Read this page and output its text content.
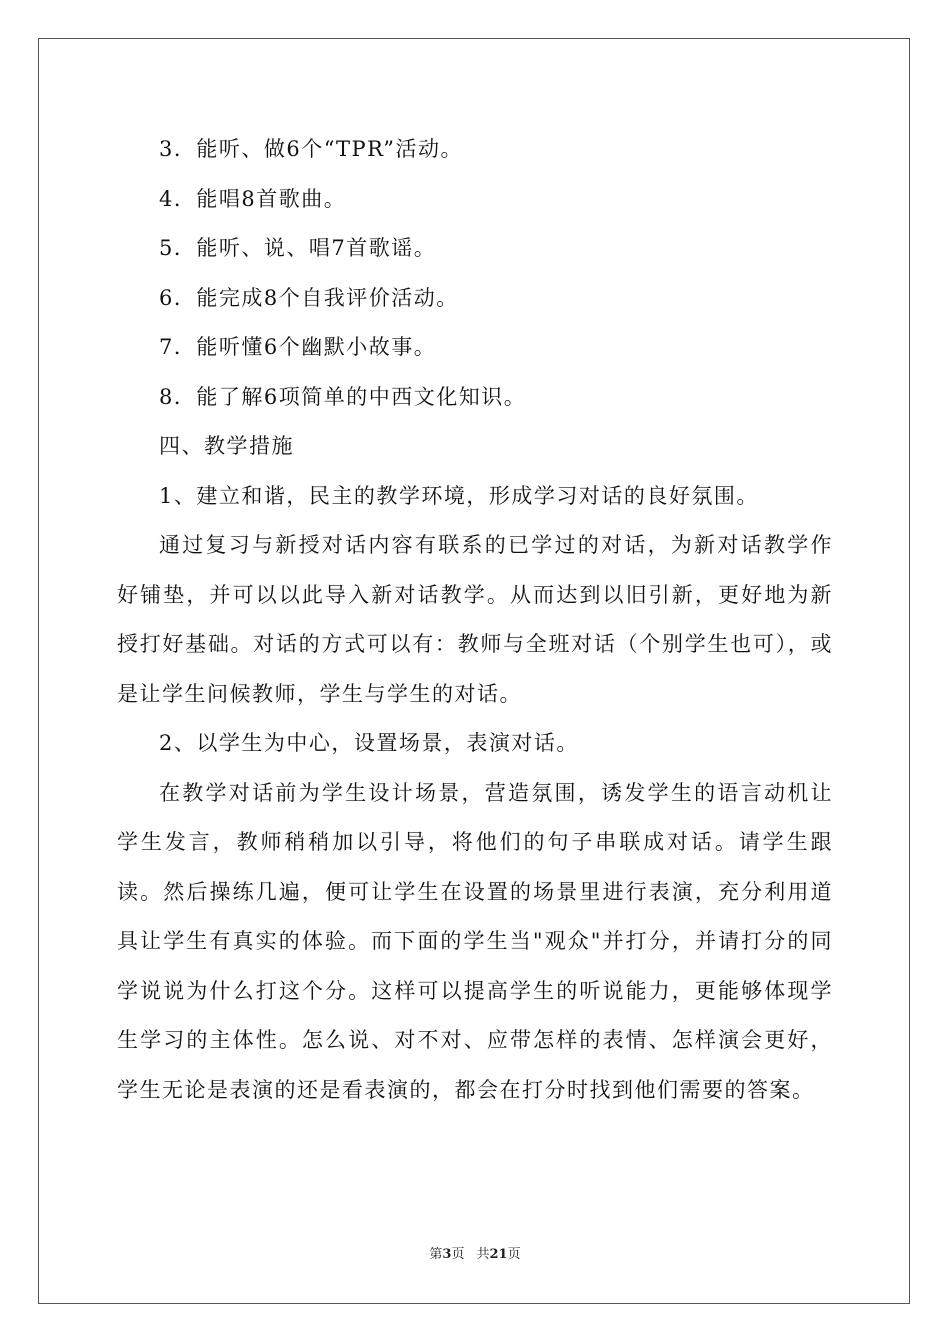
3．能听、做6个“TPR”活动。

4．能唱8首歌曲。

5．能听、说、唱7首歌谣。

6．能完成8个自我评价活动。

7．能听懂6个幽默小故事。

8．能了解6项简单的中西文化知识。

四、教学措施

1、建立和谐，民主的教学环境，形成学习对话的良好氛围。

通过复习与新授对话内容有联系的已学过的对话，为新对话教学作好铺垫，并可以以此导入新对话教学。从而达到以旧引新，更好地为新授打好基础。对话的方式可以有：教师与全班对话（个别学生也可），或是让学生问候教师，学生与学生的对话。

2、以学生为中心，设置场景，表演对话。

在教学对话前为学生设计场景，营造氛围，诱发学生的语言动机让学生发言，教师稍稍加以引导，将他们的句子串联成对话。请学生跟读。然后操练几遍，便可让学生在设置的场景里进行表演，充分利用道具让学生有真实的体验。而下面的学生当"观众"并打分，并请打分的同学说说为什么打这个分。这样可以提高学生的听说能力，更能够体现学生学习的主体性。怎么说、对不对、应带怎样的表情、怎样演会更好，学生无论是表演的还是看表演的，都会在打分时找到他们需要的答案。

第3页 共21页
